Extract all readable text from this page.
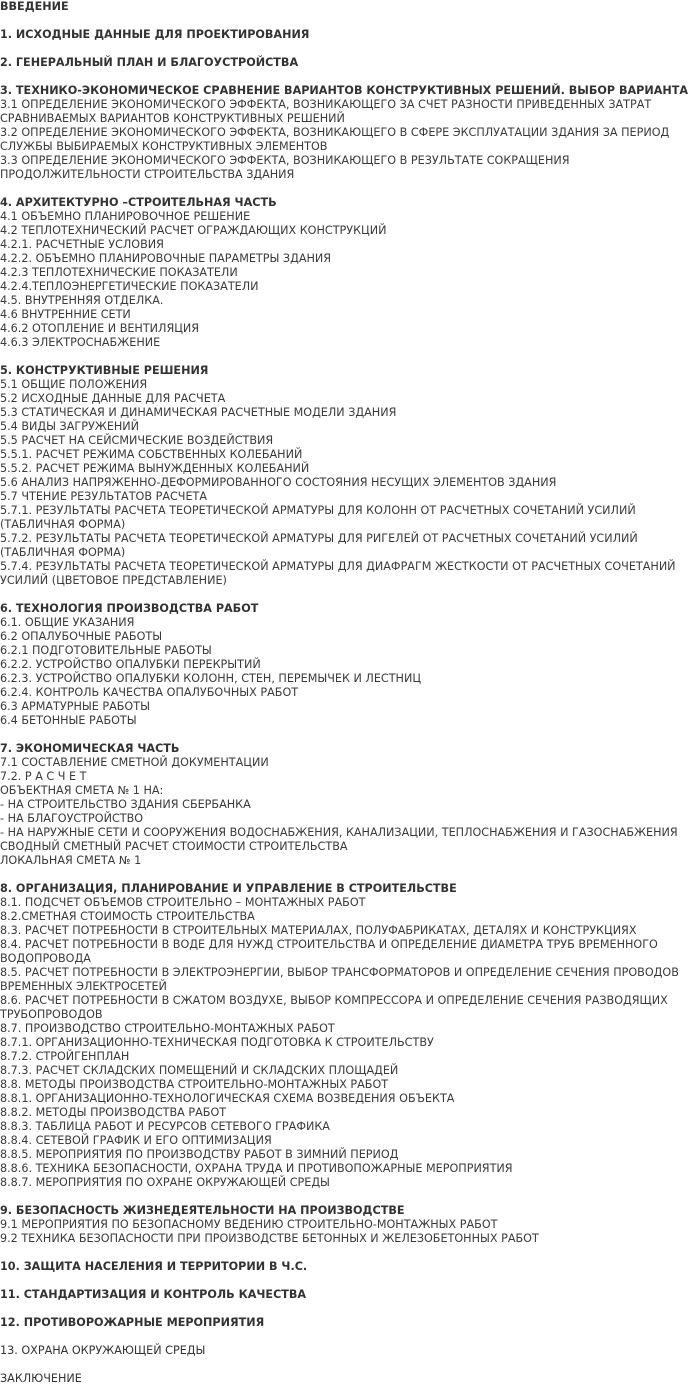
ВВЕДЕНИЕ
1. ИСХОДНЫЕ ДАННЫЕ ДЛЯ ПРОЕКТИРОВАНИЯ
2. ГЕНЕРАЛЬНЫЙ ПЛАН И БЛАГОУСТРОЙСТВА
3. ТЕХНИКО-ЭКОНОМИЧЕСКОЕ СРАВНЕНИЕ ВАРИАНТОВ КОНСТРУКТИВНЫХ РЕШЕНИЙ. ВЫБОР ВАРИАНТА
3.1 ОПРЕДЕЛЕНИЕ ЭКОНОМИЧЕСКОГО ЭФФЕКТА, ВОЗНИКАЮЩЕГО ЗА СЧЕТ РАЗНОСТИ ПРИВЕДЕННЫХ ЗАТРАТ СРАВНИВАЕМЫХ ВАРИАНТОВ КОНСТРУКТИВНЫХ РЕШЕНИЙ
3.2 ОПРЕДЕЛЕНИЕ ЭКОНОМИЧЕСКОГО ЭФФЕКТА, ВОЗНИКАЮЩЕГО В СФЕРЕ ЭКСПЛУАТАЦИИ ЗДАНИЯ ЗА ПЕРИОД СЛУЖБЫ ВЫБИРАЕМЫХ КОНСТРУКТИВНЫХ ЭЛЕМЕНТОВ
3.3 ОПРЕДЕЛЕНИЕ ЭКОНОМИЧЕСКОГО ЭФФЕКТА, ВОЗНИКАЮЩЕГО В РЕЗУЛЬТАТЕ СОКРАЩЕНИЯ ПРОДОЛЖИТЕЛЬНОСТИ СТРОИТЕЛЬСТВА ЗДАНИЯ
4. АРХИТЕКТУРНО –СТРОИТЕЛЬНАЯ ЧАСТЬ
4.1 ОБЪЕМНО ПЛАНИРОВОЧНОЕ РЕШЕНИЕ
4.2 ТЕПЛОТЕХНИЧЕСКИЙ РАСЧЕТ ОГРАЖДАЮЩИХ КОНСТРУКЦИЙ
4.2.1. РАСЧЕТНЫЕ УСЛОВИЯ
4.2.2. ОБЪЕМНО ПЛАНИРОВОЧНЫЕ ПАРАМЕТРЫ ЗДАНИЯ
4.2.3 ТЕПЛОТЕХНИЧЕСКИЕ ПОКАЗАТЕЛИ
4.2.4.ТЕПЛОЭНЕРГЕТИЧЕСКИЕ ПОКАЗАТЕЛИ
4.5. ВНУТРЕННЯЯ ОТДЕЛКА.
4.6 ВНУТРЕННИЕ СЕТИ
4.6.2 ОТОПЛЕНИЕ И ВЕНТИЛЯЦИЯ
4.6.3 ЭЛЕКТРОСНАБЖЕНИЕ
5. КОНСТРУКТИВНЫЕ РЕШЕНИЯ
5.1 ОБЩИЕ ПОЛОЖЕНИЯ
5.2 ИСХОДНЫЕ ДАННЫЕ ДЛЯ РАСЧЕТА
5.3 СТАТИЧЕСКАЯ И ДИНАМИЧЕСКАЯ РАСЧЕТНЫЕ МОДЕЛИ ЗДАНИЯ
5.4 ВИДЫ ЗАГРУЖЕНИЙ
5.5 РАСЧЕТ НА СЕЙСМИЧЕСКИЕ ВОЗДЕЙСТВИЯ
5.5.1. РАСЧЕТ РЕЖИМА СОБСТВЕННЫХ КОЛЕБАНИЙ
5.5.2. РАСЧЕТ РЕЖИМА ВЫНУЖДЕННЫХ КОЛЕБАНИЙ
5.6 АНАЛИЗ НАПРЯЖЕННО-ДЕФОРМИРОВАННОГО СОСТОЯНИЯ НЕСУЩИХ ЭЛЕМЕНТОВ ЗДАНИЯ
5.7 ЧТЕНИЕ РЕЗУЛЬТАТОВ РАСЧЕТА
5.7.1. РЕЗУЛЬТАТЫ РАСЧЕТА ТЕОРЕТИЧЕСКОЙ АРМАТУРЫ ДЛЯ КОЛОНН ОТ РАСЧЕТНЫХ СОЧЕТАНИЙ УСИЛИЙ (ТАБЛИЧНАЯ ФОРМА)
5.7.2. РЕЗУЛЬТАТЫ РАСЧЕТА ТЕОРЕТИЧЕСКОЙ АРМАТУРЫ ДЛЯ РИГЕЛЕЙ ОТ РАСЧЕТНЫХ СОЧЕТАНИЙ УСИЛИЙ (ТАБЛИЧНАЯ ФОРМА)
5.7.4. РЕЗУЛЬТАТЫ РАСЧЕТА ТЕОРЕТИЧЕСКОЙ АРМАТУРЫ ДЛЯ ДИАФРАГМ ЖЕСТКОСТИ ОТ РАСЧЕТНЫХ СОЧЕТАНИЙ УСИЛИЙ (ЦВЕТОВОЕ ПРЕДСТАВЛЕНИЕ)
6. ТЕХНОЛОГИЯ ПРОИЗВОДСТВА РАБОТ
6.1. ОБЩИЕ УКАЗАНИЯ
6.2 ОПАЛУБОЧНЫЕ РАБОТЫ
6.2.1 ПОДГОТОВИТЕЛЬНЫЕ РАБОТЫ
6.2.2. УСТРОЙСТВО ОПАЛУБКИ ПЕРЕКРЫТИЙ
6.2.3. УСТРОЙСТВО ОПАЛУБКИ КОЛОНН, СТЕН, ПЕРЕМЫЧЕК И ЛЕСТНИЦ
6.2.4. КОНТРОЛЬ КАЧЕСТВА ОПАЛУБОЧНЫХ РАБОТ
6.3 АРМАТУРНЫЕ РАБОТЫ
6.4 БЕТОННЫЕ РАБОТЫ
7. ЭКОНОМИЧЕСКАЯ ЧАСТЬ
7.1 СОСТАВЛЕНИЕ СМЕТНОЙ ДОКУМЕНТАЦИИ
7.2. Р А С Ч Е Т
ОБЪЕКТНАЯ СМЕТА № 1 НА:
- НА СТРОИТЕЛЬСТВО ЗДАНИЯ СБЕРБАНКА
- НА БЛАГОУСТРОЙСТВО
- НА НАРУЖНЫЕ СЕТИ И СООРУЖЕНИЯ ВОДОСНАБЖЕНИЯ, КАНАЛИЗАЦИИ, ТЕПЛОСНАБЖЕНИЯ И ГАЗОСНАБЖЕНИЯ
СВОДНЫЙ СМЕТНЫЙ РАСЧЕТ СТОИМОСТИ СТРОИТЕЛЬСТВА
ЛОКАЛЬНАЯ СМЕТА № 1
8. ОРГАНИЗАЦИЯ, ПЛАНИРОВАНИЕ И УПРАВЛЕНИЕ В СТРОИТЕЛЬСТВЕ
8.1. ПОДСЧЕТ ОБЪЕМОВ СТРОИТЕЛЬНО – МОНТАЖНЫХ РАБОТ
8.2.СМЕТНАЯ СТОИМОСТЬ СТРОИТЕЛЬСТВА
8.3. РАСЧЕТ ПОТРЕБНОСТИ В СТРОИТЕЛЬНЫХ МАТЕРИАЛАХ, ПОЛУФАБРИКАТАХ, ДЕТАЛЯХ И КОНСТРУКЦИЯХ
8.4. РАСЧЕТ ПОТРЕБНОСТИ В ВОДЕ ДЛЯ НУЖД СТРОИТЕЛЬСТВА И ОПРЕДЕЛЕНИЕ ДИАМЕТРА ТРУБ ВРЕМЕННОГО ВОДОПРОВОДА
8.5. РАСЧЕТ ПОТРЕБНОСТИ В ЭЛЕКТРОЭНЕРГИИ, ВЫБОР ТРАНСФОРМАТОРОВ И ОПРЕДЕЛЕНИЕ СЕЧЕНИЯ ПРОВОДОВ ВРЕМЕННЫХ ЭЛЕКТРОСЕТЕЙ
8.6. РАСЧЕТ ПОТРЕБНОСТИ В СЖАТОМ ВОЗДУХЕ, ВЫБОР КОМПРЕССОРА И ОПРЕДЕЛЕНИЕ СЕЧЕНИЯ РАЗВОДЯЩИХ ТРУБОПРОВОДОВ
8.7. ПРОИЗВОДСТВО СТРОИТЕЛЬНО-МОНТАЖНЫХ РАБОТ
8.7.1. ОРГАНИЗАЦИОННО-ТЕХНИЧЕСКАЯ ПОДГОТОВКА К СТРОИТЕЛЬСТВУ
8.7.2. СТРОЙГЕНПЛАН
8.7.3. РАСЧЕТ СКЛАДСКИХ ПОМЕЩЕНИЙ И СКЛАДСКИХ ПЛОЩАДЕЙ
8.8. МЕТОДЫ ПРОИЗВОДСТВА СТРОИТЕЛЬНО-МОНТАЖНЫХ РАБОТ
8.8.1. ОРГАНИЗАЦИОННО-ТЕХНОЛОГИЧЕСКАЯ СХЕМА ВОЗВЕДЕНИЯ ОБЪЕКТА
8.8.2. МЕТОДЫ ПРОИЗВОДСТВА РАБОТ
8.8.3. ТАБЛИЦА РАБОТ И РЕСУРСОВ СЕТЕВОГО ГРАФИКА
8.8.4. СЕТЕВОЙ ГРАФИК И ЕГО ОПТИМИЗАЦИЯ
8.8.5. МЕРОПРИЯТИЯ ПО ПРОИЗВОДСТВУ РАБОТ В ЗИМНИЙ ПЕРИОД
8.8.6. ТЕХНИКА БЕЗОПАСНОСТИ, ОХРАНА ТРУДА И ПРОТИВОПОЖАРНЫЕ МЕРОПРИЯТИЯ
8.8.7. МЕРОПРИЯТИЯ ПО ОХРАНЕ ОКРУЖАЮЩЕЙ СРЕДЫ
9. БЕЗОПАСНОСТЬ ЖИЗНЕДЕЯТЕЛЬНОСТИ НА ПРОИЗВОДСТВЕ
9.1 МЕРОПРИЯТИЯ ПО БЕЗОПАСНОМУ ВЕДЕНИЮ СТРОИТЕЛЬНО-МОНТАЖНЫХ РАБОТ
9.2 ТЕХНИКА БЕЗОПАСНОСТИ ПРИ ПРОИЗВОДСТВЕ БЕТОННЫХ И ЖЕЛЕЗОБЕТОННЫХ РАБОТ
10. ЗАЩИТА НАСЕЛЕНИЯ И ТЕРРИТОРИИ В Ч.С.
11. СТАНДАРТИЗАЦИЯ И КОНТРОЛЬ КАЧЕСТВА
12. ПРОТИВОРОЖАРНЫЕ МЕРОПРИЯТИЯ
13. ОХРАНА ОКРУЖАЮЩЕЙ СРЕДЫ
ЗАКЛЮЧЕНИЕ
